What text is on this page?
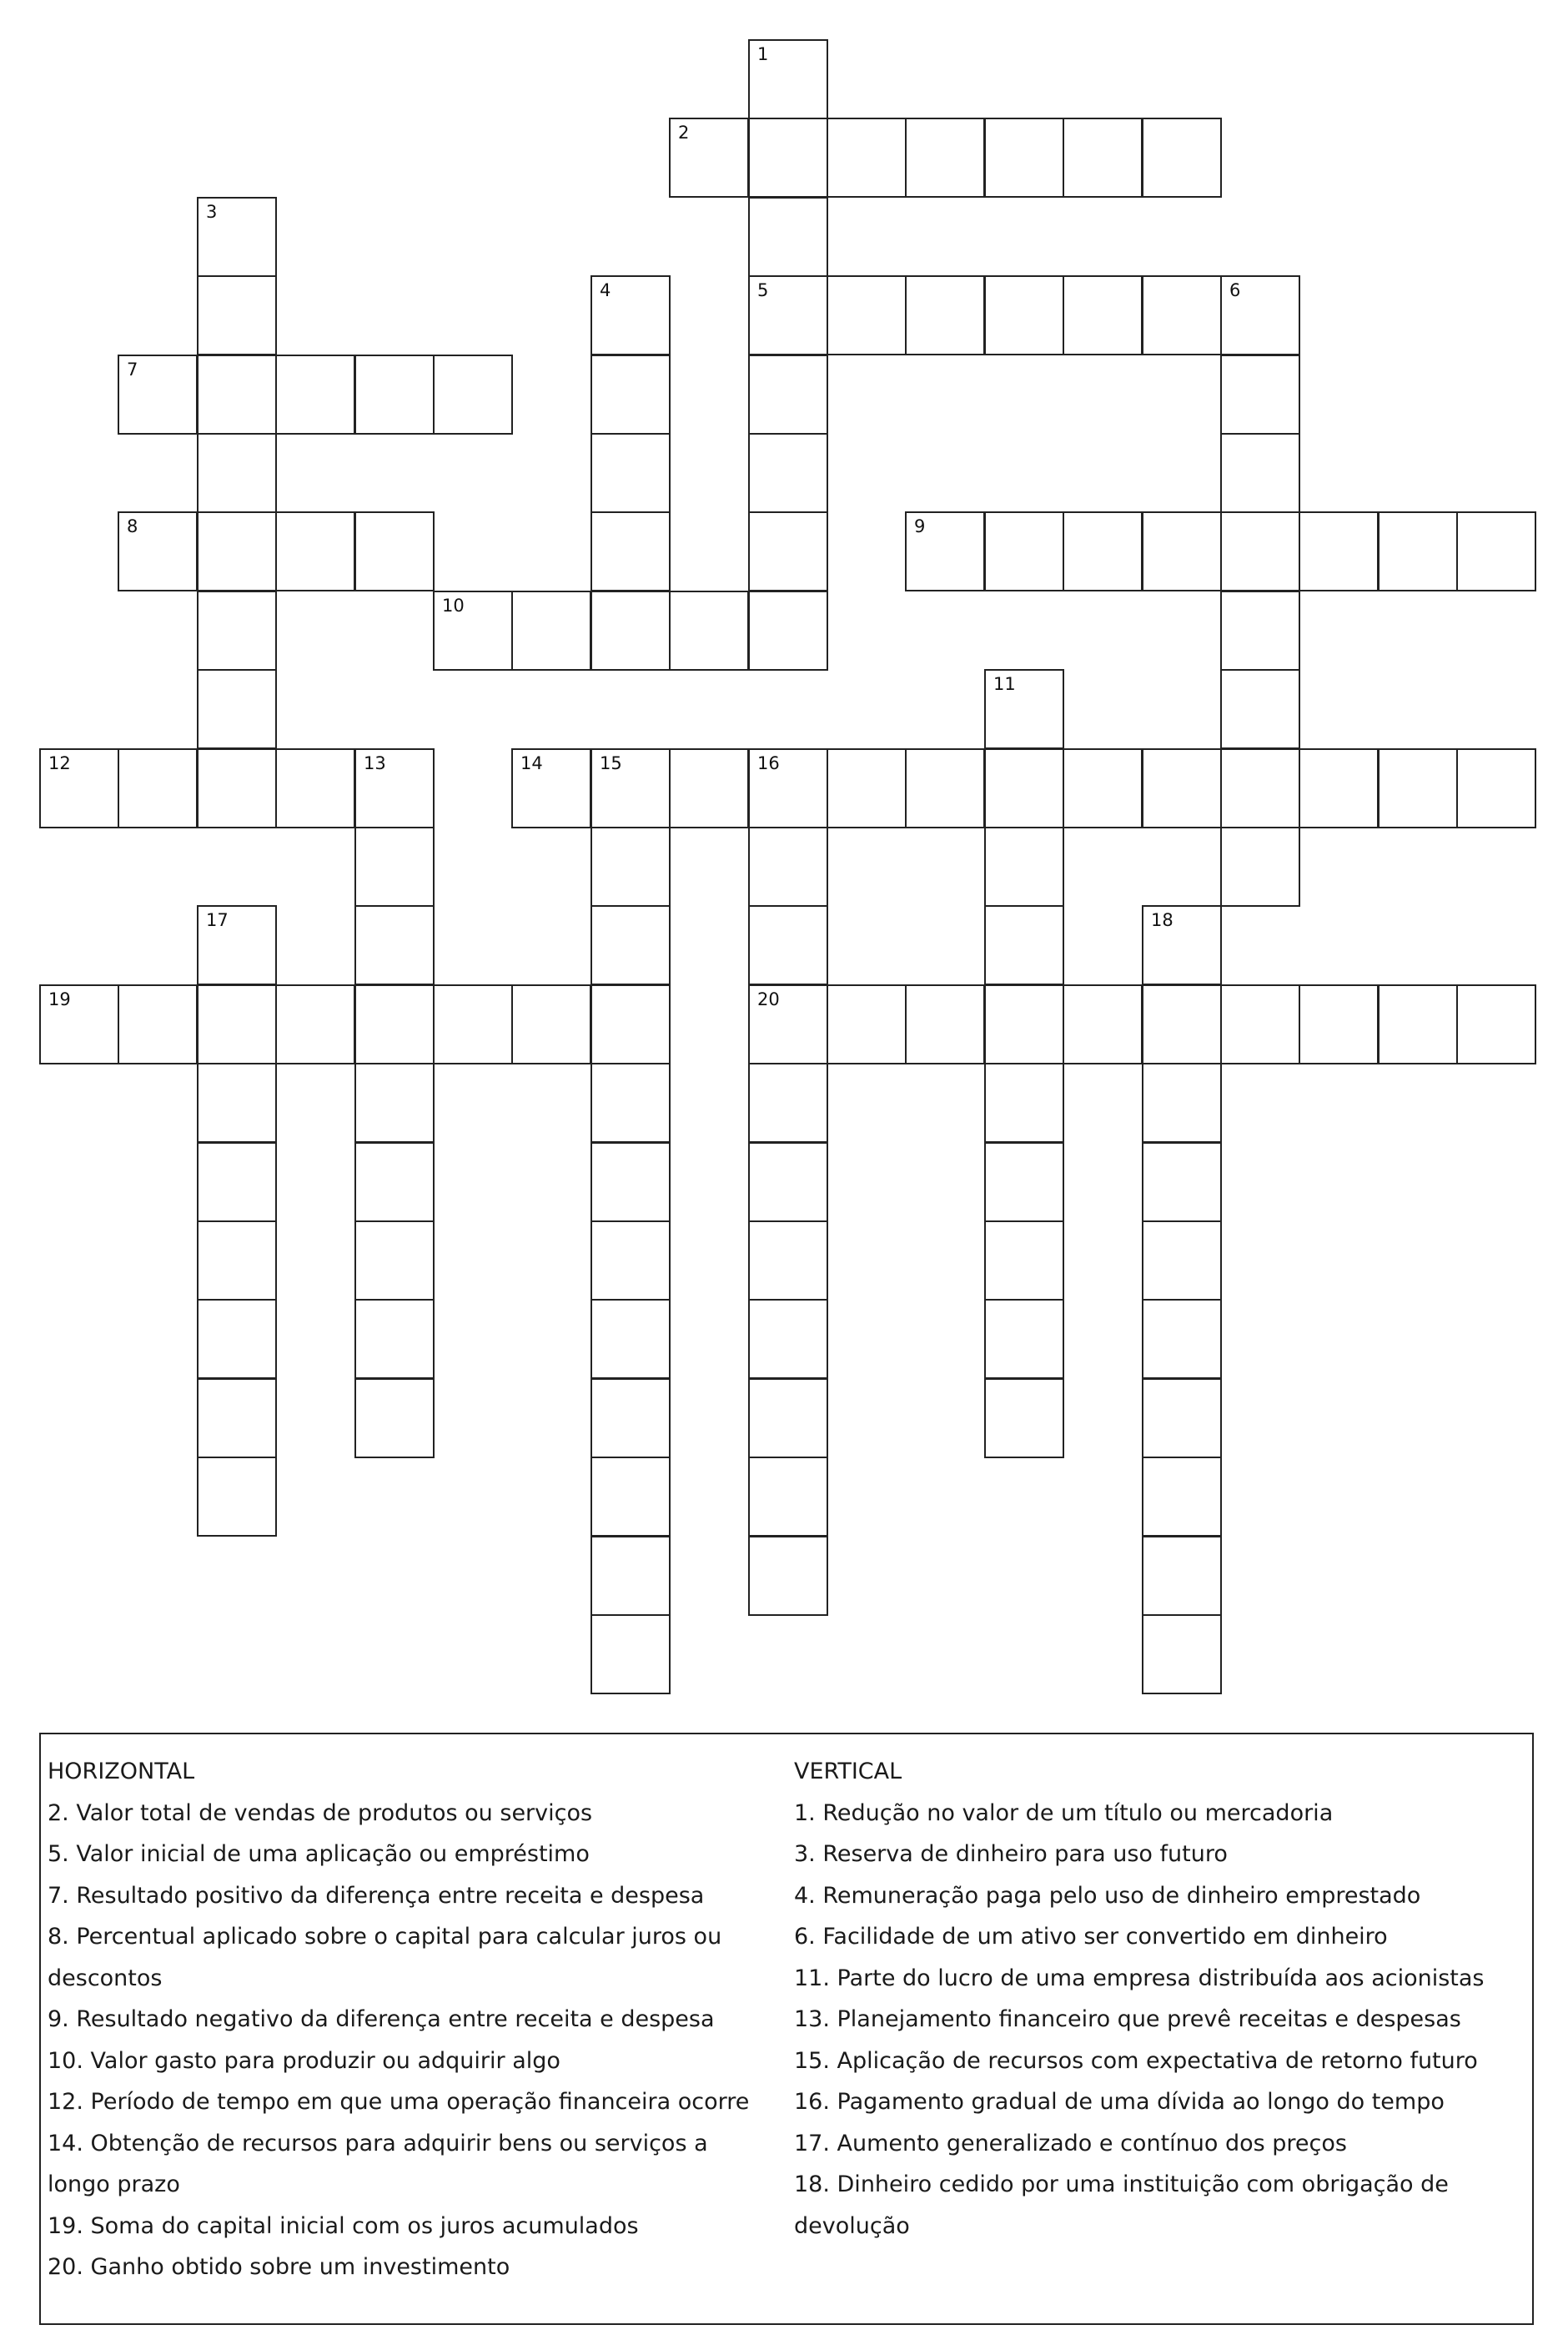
1
2
3
4	5	6
7
8	9
10
11
12	13	14	15	16
17	18
19	20
HORIZONTAL
2. Valor total de vendas de produtos ou serviços
5. Valor inicial de uma aplicação ou empréstimo
7. Resultado positivo da diferença entre receita e despesa
8. Percentual aplicado sobre o capital para calcular juros ou descontos
9. Resultado negativo da diferença entre receita e despesa
10. Valor gasto para produzir ou adquirir algo
12. Período de tempo em que uma operação financeira ocorre
14. Obtenção de recursos para adquirir bens ou serviços a longo prazo
19. Soma do capital inicial com os juros acumulados
20. Ganho obtido sobre um investimento
VERTICAL
1. Redução no valor de um título ou mercadoria
3. Reserva de dinheiro para uso futuro
4. Remuneração paga pelo uso de dinheiro emprestado
6. Facilidade de um ativo ser convertido em dinheiro
11. Parte do lucro de uma empresa distribuída aos acionistas
13. Planejamento financeiro que prevê receitas e despesas
15. Aplicação de recursos com expectativa de retorno futuro
16. Pagamento gradual de uma dívida ao longo do tempo
17. Aumento generalizado e contínuo dos preços
18. Dinheiro cedido por uma instituição com obrigação de devolução
